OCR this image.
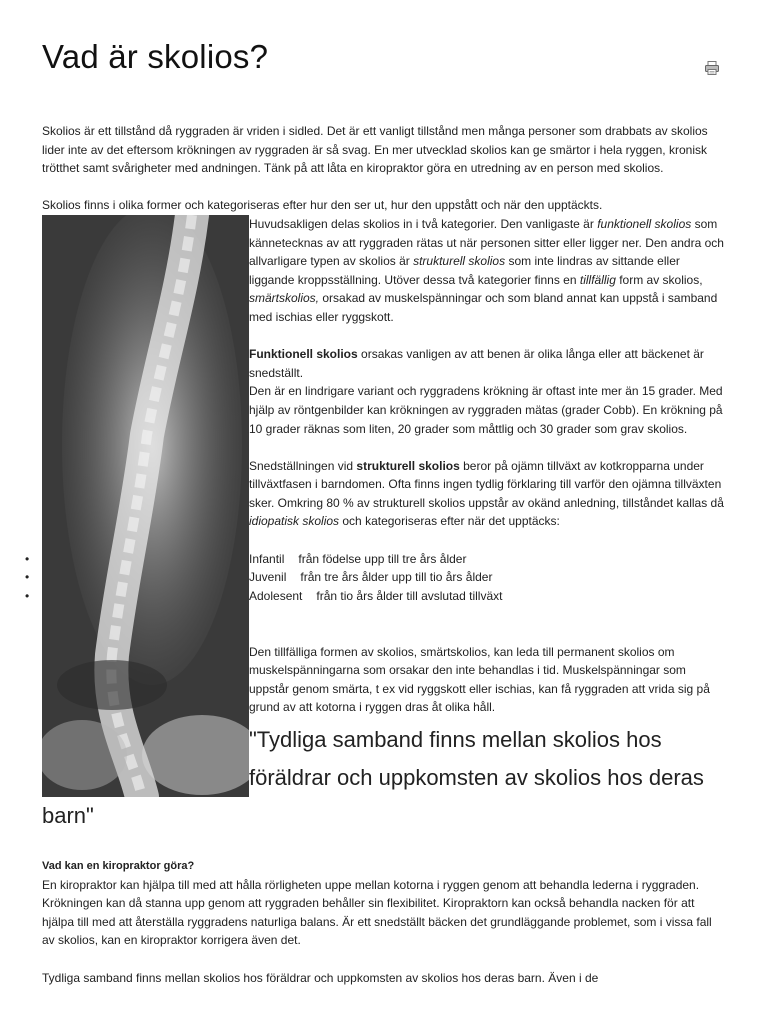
Vad är skolios?

Skolios är ett tillstånd då ryggraden är vriden i sidled. Det är ett vanligt tillstånd men många personer som drabbats av skolios lider inte av det eftersom krökningen av ryggraden är så svag. En mer utvecklad skolios kan ge smärtor i hela ryggen, kronisk trötthet samt svårigheter med andningen. Tänk på att låta en kiropraktor göra en utredning av en person med skolios.

Skolios finns i olika former och kategoriseras efter hur den ser ut, hur den uppstått och när den upptäckts.

Huvudsakligen delas skolios in i två kategorier. Den vanligaste är funktionell skolios som kännetecknas av att ryggraden rätas ut när personen sitter eller ligger ner. Den andra och allvarligare typen av skolios är strukturell skolios som inte lindras av sittande eller liggande kroppsställning. Utöver dessa två kategorier finns en tillfällig form av skolios, smärtskolios, orsakad av muskelspänningar och som bland annat kan uppstå i samband med ischias eller ryggskott.

Funktionell skolios orsakas vanligen av att benen är olika långa eller att bäckenet är snedställt.
Den är en lindrigare variant och ryggradens krökning är oftast inte mer än 15 grader. Med hjälp av röntgenbilder kan krökningen av ryggraden mätas (grader Cobb). En krökning på 10 grader räknas som liten, 20 grader som måttlig och 30 grader som grav skolios.

Snedställningen vid strukturell skolios beror på ojämn tillväxt av kotkropparna under tillväxtfasen i barndomen. Ofta finns ingen tydlig förklaring till varför den ojämna tillväxten sker. Omkring 80 % av strukturell skolios uppstår av okänd anledning, tillståndet kallas då idiopatisk skolios och kategoriseras efter när det upptäcks:

• Infantil från födelse upp till tre års ålder
• Juvenil från tre års ålder upp till tio års ålder
• Adolesent från tio års ålder till avslutad tillväxt

Den tillfälliga formen av skolios, smärtskolios, kan leda till permanent skolios om muskelspänningarna som orsakar den inte behandlas i tid. Muskelspänningar som uppstår genom smärta, t ex vid ryggskott eller ischias, kan få ryggraden att vrida sig på grund av att kotorna i ryggen dras åt olika håll.

"Tydliga samband finns mellan skolios hos föräldrar och uppkomsten av skolios hos deras barn"

Vad kan en kiropraktor göra?

En kiropraktor kan hjälpa till med att hålla rörligheten uppe mellan kotorna i ryggen genom att behandla lederna i ryggraden. Krökningen kan då stanna upp genom att ryggraden behåller sin flexibilitet. Kiropraktorn kan också behandla nacken för att hjälpa till med att återställa ryggradens naturliga balans. Är ett snedställt bäcken det grundläggande problemet, som i vissa fall av skolios, kan en kiropraktor korrigera även det.

Tydliga samband finns mellan skolios hos föräldrar och uppkomsten av skolios hos deras barn. Även i de
